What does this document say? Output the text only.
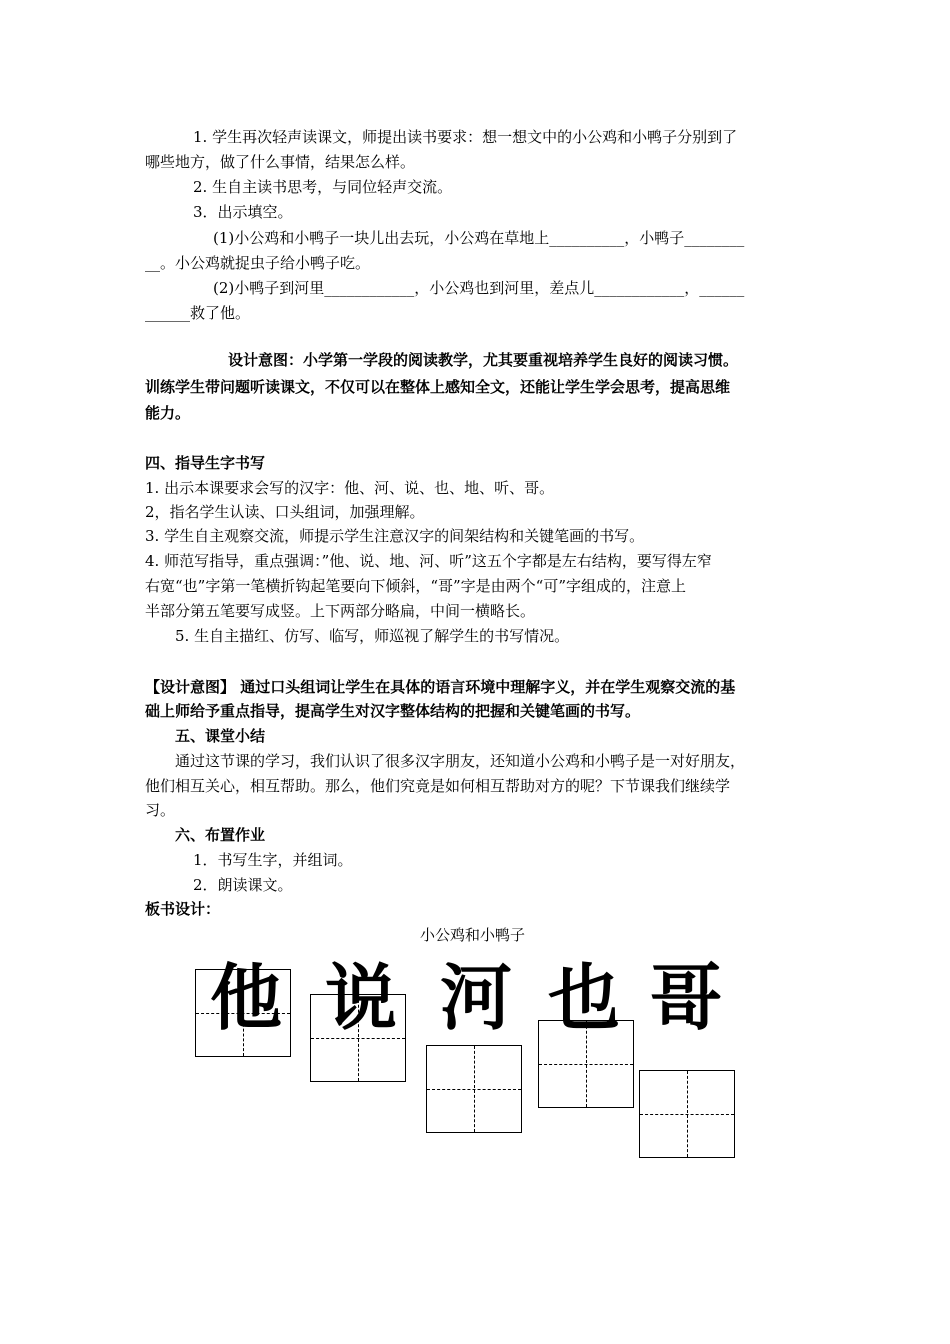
1. 学生再次轻声读课文，师提出读书要求：想一想文中的小公鸡和小鸭子分别到了
哪些地方，做了什么事情，结果怎么样。
2. 生自主读书思考，与同位轻声交流。
3．出示填空。
(1)小公鸡和小鸭子一块儿出去玩，小公鸡在草地上__________，小鸭子________
__。小公鸡就捉虫子给小鸭子吃。
(2)小鸭子到河里____________，小公鸡也到河里，差点儿____________，______
______救了他。
设计意图：小学第一学段的阅读教学，尤其要重视培养学生良好的阅读习惯。
训练学生带问题听读课文，不仅可以在整体上感知全文，还能让学生学会思考，提高思维
能力。
四、指导生字书写
1. 出示本课要求会写的汉字：他、河、说、也、地、听、哥。
2，指名学生认读、口头组词，加强理解。
3. 学生自主观察交流，师提示学生注意汉字的间架结构和关键笔画的书写。
4. 师范写指导，重点强调：”他、说、地、河、听”这五个字都是左右结构，要写得左窄
右宽“也”字第一笔横折钩起笔要向下倾斜，“哥”字是由两个“可”字组成的，注意上
半部分第五笔要写成竖。上下两部分略扁，中间一横略长。
5. 生自主描红、仿写、临写，师巡视了解学生的书写情况。
【设计意图】 通过口头组词让学生在具体的语言环境中理解字义，并在学生观察交流的基
础上师给予重点指导，提高学生对汉字整体结构的把握和关键笔画的书写。
五、课堂小结
通过这节课的学习，我们认识了很多汉字朋友，还知道小公鸡和小鸭子是一对好朋友，
他们相互关心，相互帮助。那么，他们究竟是如何相互帮助对方的呢？下节课我们继续学
习。
六、布置作业
1．书写生字，并组词。
2．朗读课文。
板书设计：
小公鸡和小鸭子
他 说 河 也 哥
